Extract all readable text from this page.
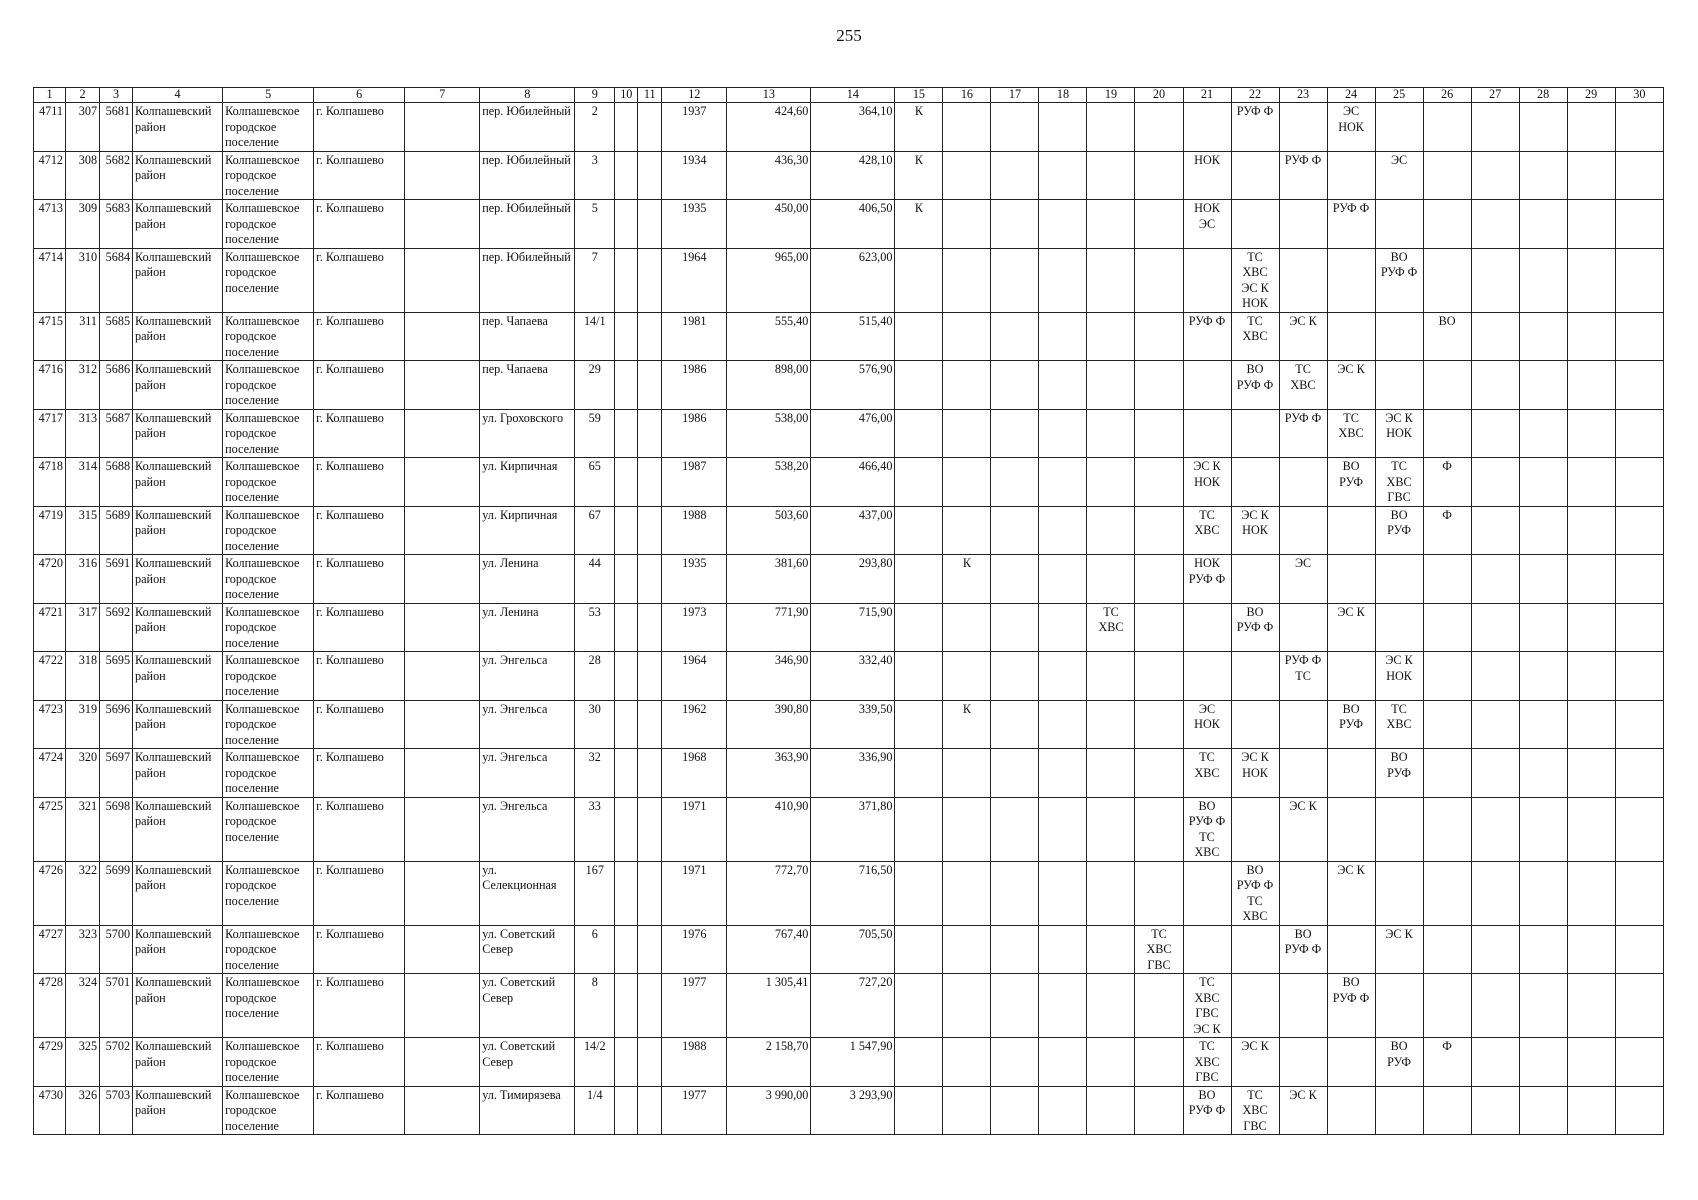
255
1	2	3	4	5	6	7	8	9	10	11	12	13	14	15	16	17	18	19	20	21	22	23	24	25	26	27	28	29	30
4711	307	5681	Колпашевский район	Колпашевское городское поселение	г. Колпашево		пер. Юбилейный	2			1937	424,60	364,10	К							РУФ Ф		ЭС
НОК						
4712	308	5682	Колпашевский район	Колпашевское городское поселение	г. Колпашево		пер. Юбилейный	3			1934	436,30	428,10	К						НОК		РУФ Ф		ЭС					
4713	309	5683	Колпашевский район	Колпашевское городское поселение	г. Колпашево		пер. Юбилейный	5			1935	450,00	406,50	К						НОК
ЭС			РУФ Ф						
4714	310	5684	Колпашевский район	Колпашевское городское поселение	г. Колпашево		пер. Юбилейный	7			1964	965,00	623,00								ТС
ХВС
ЭС К
НОК			ВО
РУФ Ф					
4715	311	5685	Колпашевский район	Колпашевское городское поселение	г. Колпашево		пер. Чапаева	14/1			1981	555,40	515,40							РУФ Ф	ТС
ХВС	ЭС К			ВО				
4716	312	5686	Колпашевский район	Колпашевское городское поселение	г. Колпашево		пер. Чапаева	29			1986	898,00	576,90								ВО
РУФ Ф	ТС
ХВС	ЭС К						
4717	313	5687	Колпашевский район	Колпашевское городское поселение	г. Колпашево		ул. Гроховского	59			1986	538,00	476,00									РУФ Ф	ТС
ХВС	ЭС К
НОК					
4718	314	5688	Колпашевский район	Колпашевское городское поселение	г. Колпашево		ул. Кирпичная	65			1987	538,20	466,40							ЭС К
НОК			ВО
РУФ	ТС
ХВС
ГВС	Ф				
4719	315	5689	Колпашевский район	Колпашевское городское поселение	г. Колпашево		ул. Кирпичная	67			1988	503,60	437,00							ТС
ХВС	ЭС К
НОК			ВО
РУФ	Ф				
4720	316	5691	Колпашевский район	Колпашевское городское поселение	г. Колпашево		ул. Ленина	44			1935	381,60	293,80		К					НОК
РУФ Ф		ЭС							
4721	317	5692	Колпашевский район	Колпашевское городское поселение	г. Колпашево		ул. Ленина	53			1973	771,90	715,90					ТС
ХВС			ВО
РУФ Ф		ЭС К						
4722	318	5695	Колпашевский район	Колпашевское городское поселение	г. Колпашево		ул. Энгельса	28			1964	346,90	332,40									РУФ Ф
ТС		ЭС К
НОК					
4723	319	5696	Колпашевский район	Колпашевское городское поселение	г. Колпашево		ул. Энгельса	30			1962	390,80	339,50		К					ЭС
НОК			ВО
РУФ	ТС
ХВС					
4724	320	5697	Колпашевский район	Колпашевское городское поселение	г. Колпашево		ул. Энгельса	32			1968	363,90	336,90							ТС
ХВС	ЭС К
НОК			ВО
РУФ					
4725	321	5698	Колпашевский район	Колпашевское городское поселение	г. Колпашево		ул. Энгельса	33			1971	410,90	371,80							ВО
РУФ Ф
ТС
ХВС		ЭС К							
4726	322	5699	Колпашевский район	Колпашевское городское поселение	г. Колпашево		ул. Селекционная	167			1971	772,70	716,50								ВО
РУФ Ф
ТС
ХВС		ЭС К						
4727	323	5700	Колпашевский район	Колпашевское городское поселение	г. Колпашево		ул. Советский Север	6			1976	767,40	705,50						ТС
ХВС
ГВС			ВО
РУФ Ф		ЭС К					
4728	324	5701	Колпашевский район	Колпашевское городское поселение	г. Колпашево		ул. Советский Север	8			1977	1 305,41	727,20							ТС
ХВС
ГВС
ЭС К			ВО
РУФ Ф						
4729	325	5702	Колпашевский район	Колпашевское городское поселение	г. Колпашево		ул. Советский Север	14/2			1988	2 158,70	1 547,90							ТС
ХВС
ГВС	ЭС К			ВО
РУФ	Ф				
4730	326	5703	Колпашевский район	Колпашевское городское поселение	г. Колпашево		ул. Тимирязева	1/4			1977	3 990,00	3 293,90							ВО
РУФ Ф	ТС
ХВС
ГВС	ЭС К							
